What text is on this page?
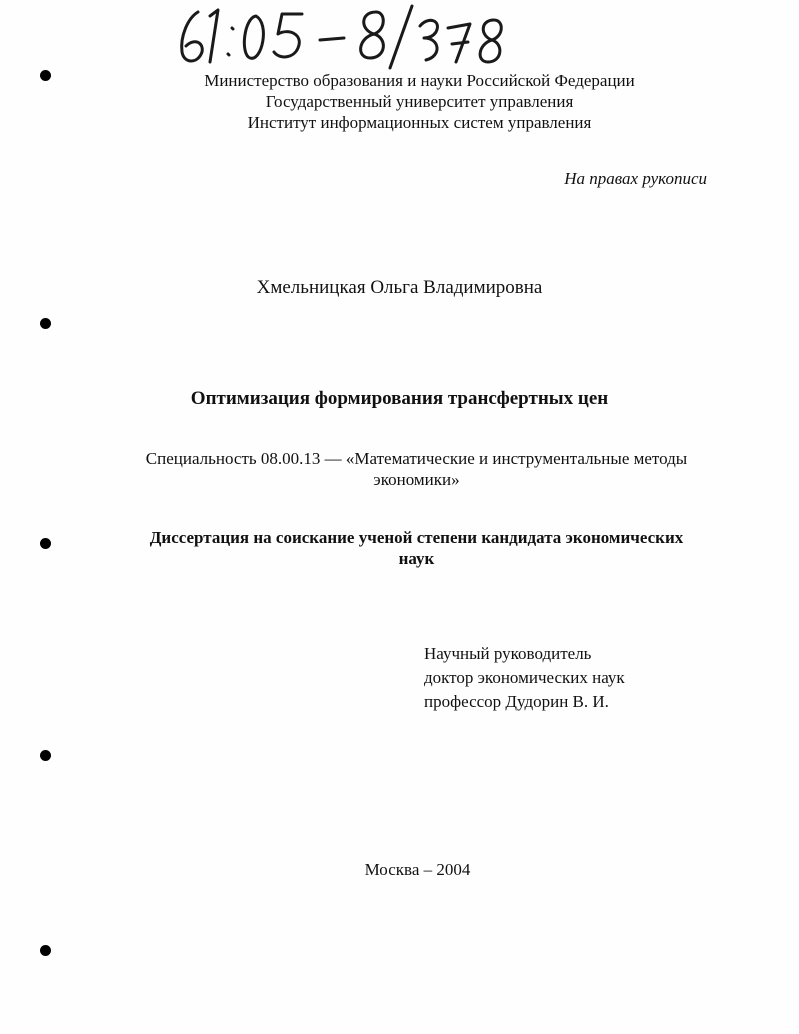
Министерство образования и науки Российской Федерации
Государственный университет управления
Институт информационных систем управления
На правах рукописи
Хмельницкая Ольга Владимировна
Оптимизация формирования трансфертных цен
Специальность 08.00.13 — «Математические и инструментальные методы
экономики»
Диссертация на соискание ученой степени кандидата экономических
наук
Научный руководитель
доктор экономических наук
профессор Дудорин В. И.
Москва – 2004
